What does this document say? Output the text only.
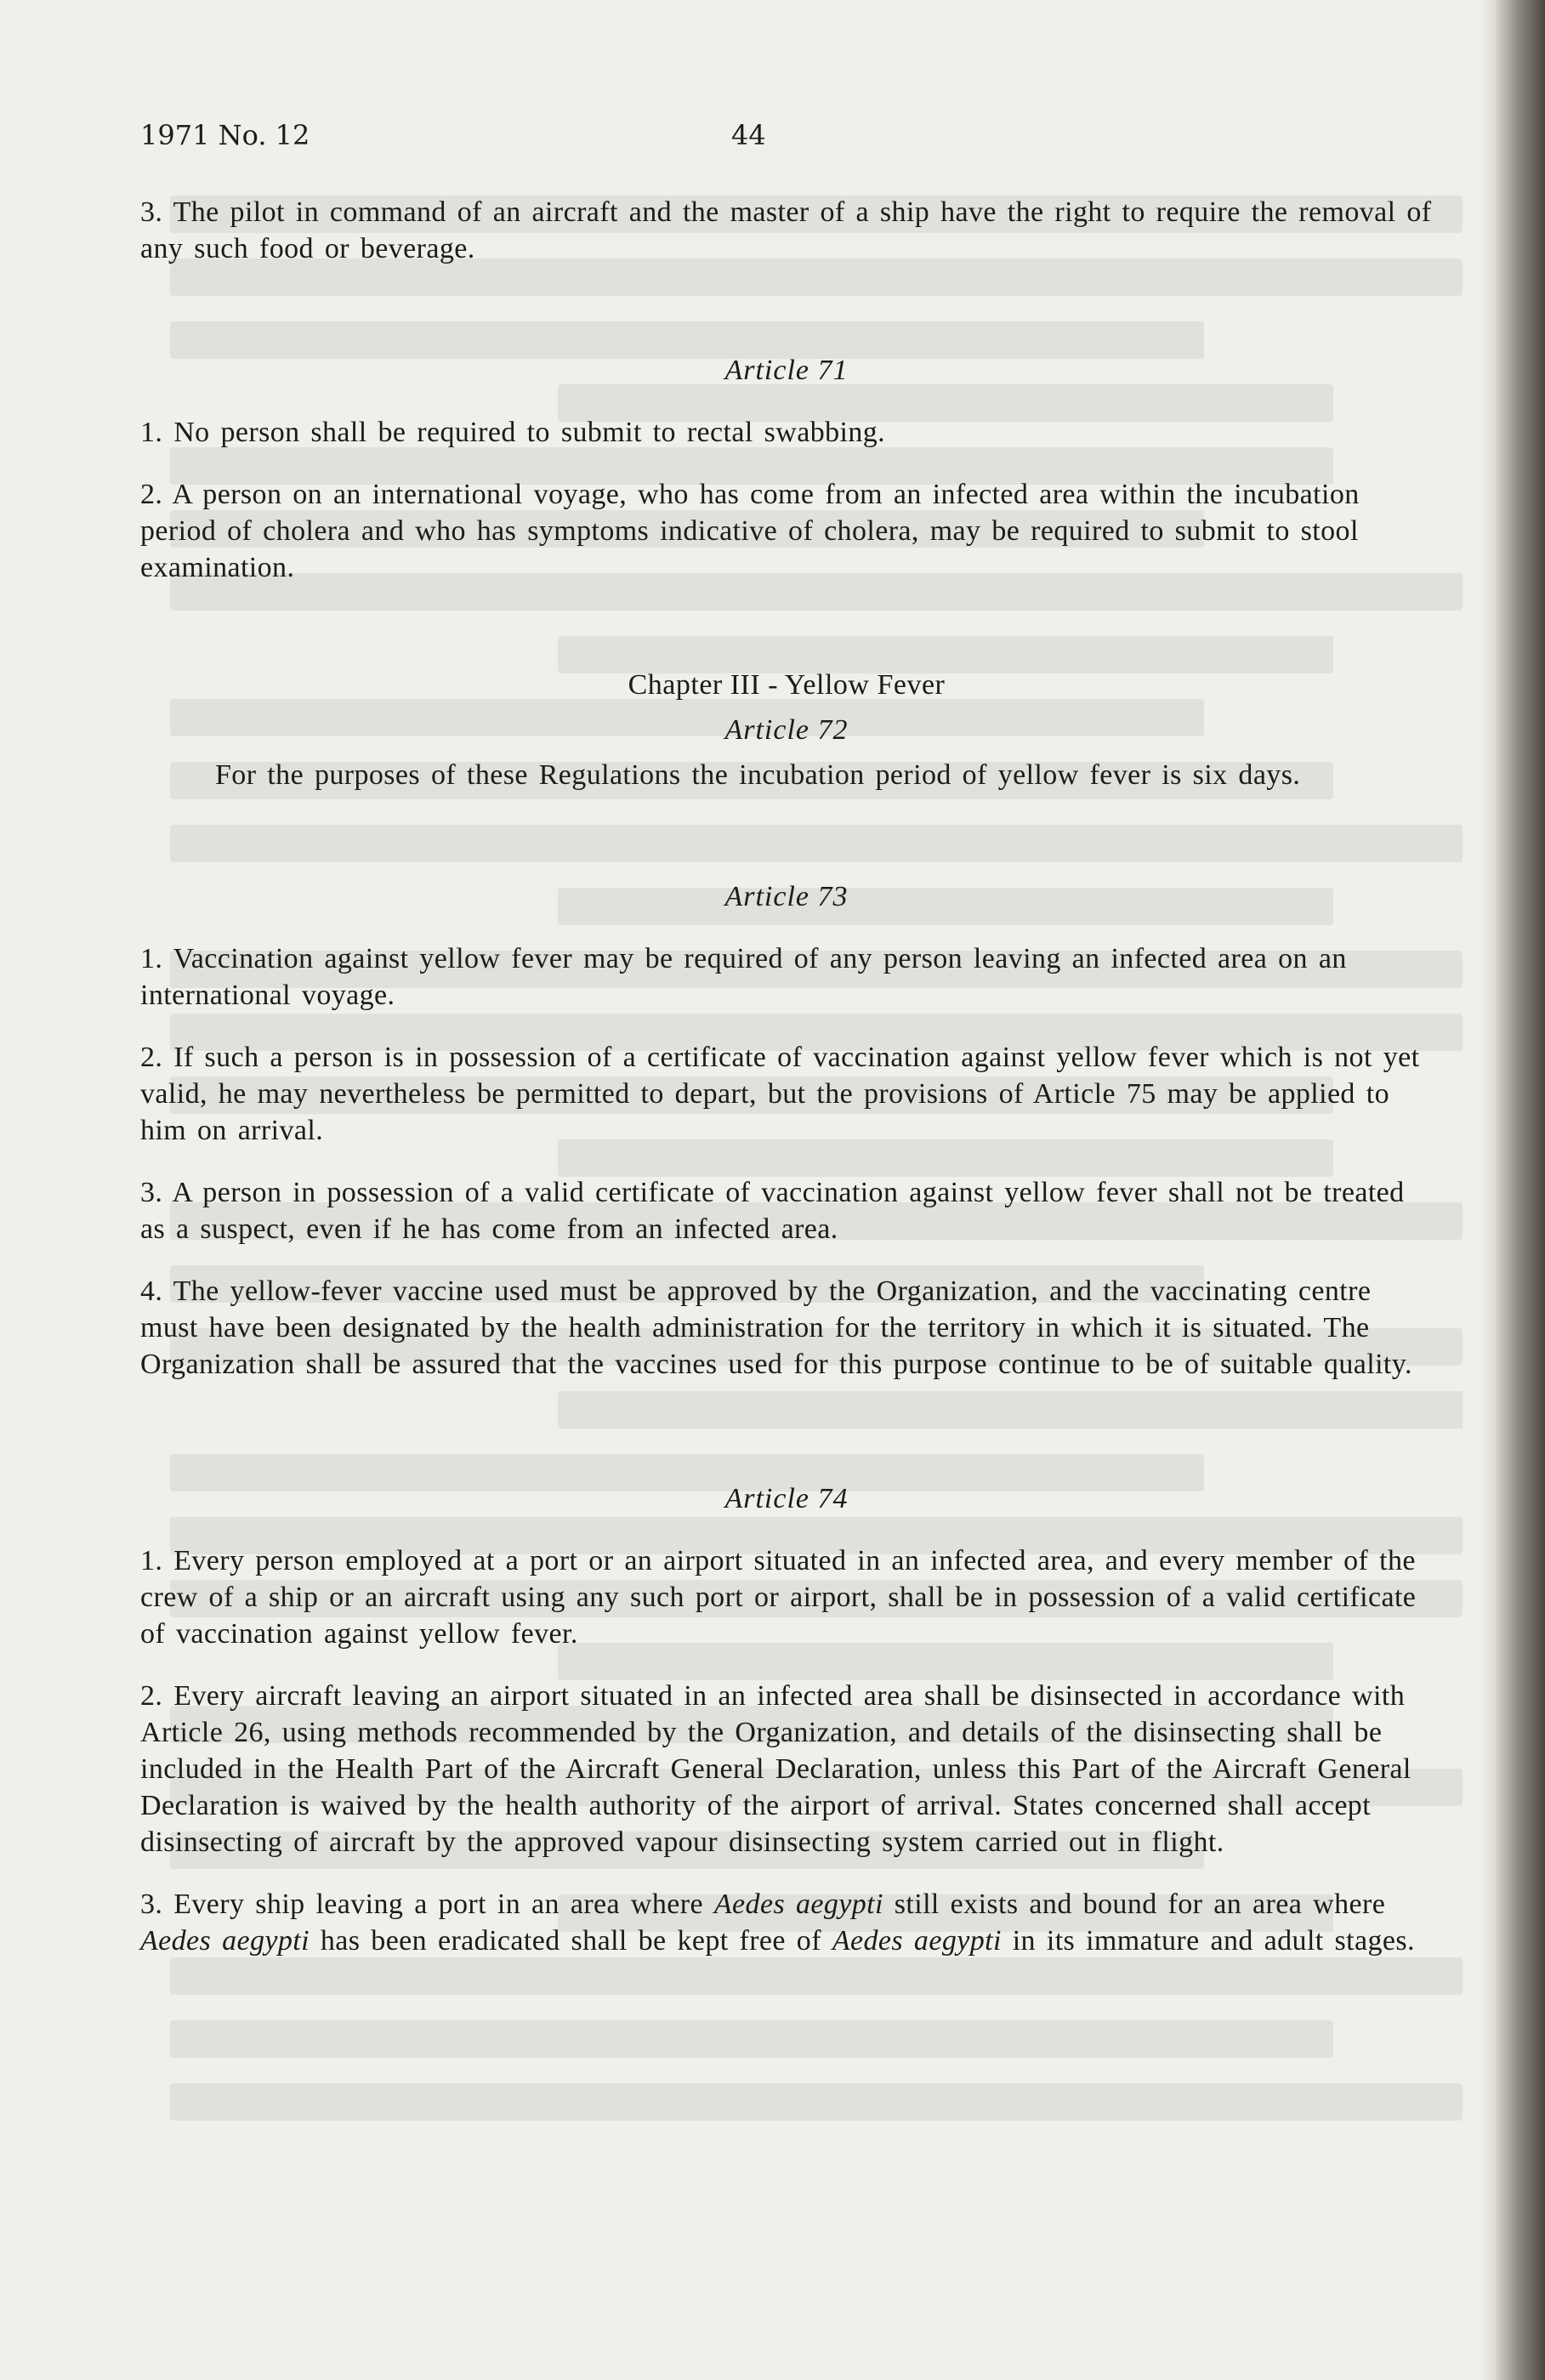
1971 No. 12	44

3. The pilot in command of an aircraft and the master of a ship have the right to require the removal of any such food or beverage.

Article 71

1. No person shall be required to submit to rectal swabbing.

2. A person on an international voyage, who has come from an infected area within the incubation period of cholera and who has symptoms indicative of cholera, may be required to submit to stool examination.

Chapter III - Yellow Fever

Article 72

For the purposes of these Regulations the incubation period of yellow fever is six days.

Article 73

1. Vaccination against yellow fever may be required of any person leaving an infected area on an international voyage.

2. If such a person is in possession of a certificate of vaccination against yellow fever which is not yet valid, he may nevertheless be permitted to depart, but the provisions of Article 75 may be applied to him on arrival.

3. A person in possession of a valid certificate of vaccination against yellow fever shall not be treated as a suspect, even if he has come from an infected area.

4. The yellow-fever vaccine used must be approved by the Organization, and the vaccinating centre must have been designated by the health administration for the territory in which it is situated. The Organization shall be assured that the vaccines used for this purpose continue to be of suitable quality.

Article 74

1. Every person employed at a port or an airport situated in an infected area, and every member of the crew of a ship or an aircraft using any such port or airport, shall be in possession of a valid certificate of vaccination against yellow fever.

2. Every aircraft leaving an airport situated in an infected area shall be disinsected in accordance with Article 26, using methods recommended by the Organization, and details of the disinsecting shall be included in the Health Part of the Aircraft General Declaration, unless this Part of the Aircraft General Declaration is waived by the health authority of the airport of arrival. States concerned shall accept disinsecting of aircraft by the approved vapour disinsecting system carried out in flight.

3. Every ship leaving a port in an area where Aedes aegypti still exists and bound for an area where Aedes aegypti has been eradicated shall be kept free of Aedes aegypti in its immature and adult stages.
